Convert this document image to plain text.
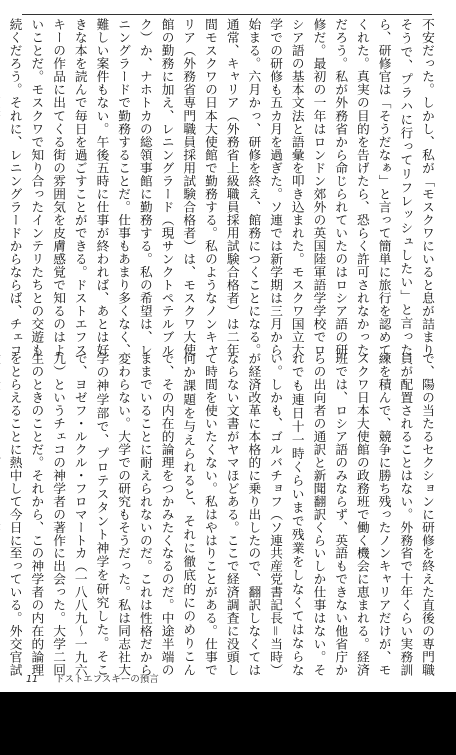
不安だった。しかし、私が「モスクワにいると息が詰まりそうで、プラハに行ってリフレッシュしたい」と言ったら、研修官は「そうだなぁ」と言って簡単に旅行を認めてくれた。真実の目的を告げたら、恐らく許可されなかっただろう。私が外務省から命じられていたのはロシア語の研修だ。最初の一年はロンドン郊外の英国陸軍語学学校でロシア語の基本文法と語彙を叩き込まれた。モスクワ国立大学での研修も五カ月を過ぎた。ソ連では新学期は三月から始まる。六月かっ、研修を終え、館務につくことになる。通常、キャリア（外務省上級職員採用試験合格者）は二年間モスクワの日本大使館で勤務する。私のようなノンキャリア（外務省専門職員採用試験合格者）は、モスクワ大使館の勤務に加え、レニングラード（現サンクトペテルブルク）か、ナホトカの総領事館に勤務する。私の希望は、レニングラードで勤務することだ。仕事もあまり多くなく、難しい案件もない。午後五時に仕事が終われば、あとは好きな本を読んで毎日を過ごすことができる。ドストエフスキーの作品に出てくる街の雰囲気を皮膚感覚で知るのはよいことだ。モスクワで知り合ったインテリたちとの交遊も続くだろう。それに、レニングラードからならば、チェコ
で、陽の当たるセクションに研修を終えた直後の専門職員が配置されることはない。外務省で十年くらい実務訓練を積んで、競争に勝ち残ったノンキャリアだけが、モスクワ日本大使館の政務班で働く機会に恵まれる。経済班では、ロシア語のみならず、英語もできない他省庁からの出向者の通訳と新聞翻訳くらいしか仕事はない。それでも連日十一時くらいまで残業をしなくてはならない。しかも、ゴルバチョフ（ソ連共産党書記長＝当時）が経済改革に本格的に乗り出したので、翻訳しなくてはならない文書がヤマほどある。ここで経済調査に没頭して時間を使いたくない。私はやはりことがある。仕事で何か課題を与えられると、それに徹底的にのめりこんで、その内在的論理をつかみたくなるのだ。中途半端のままでいることに耐えられないのだ。これは性格だから変わらない。大学での研究もそうだった。私は同志社大学の神学部で、プロテスタント神学を研究した。そこで、ヨゼフ・ルクル・フロマートカ（一八八九～一九六九）というチェコの神学者の著作に出会った。大学二回生のときのことだ。それから、この神学者の内在的論理をとらえることに熱中して今日に至っている。外交官試
11 ドストエフスキーの預言
